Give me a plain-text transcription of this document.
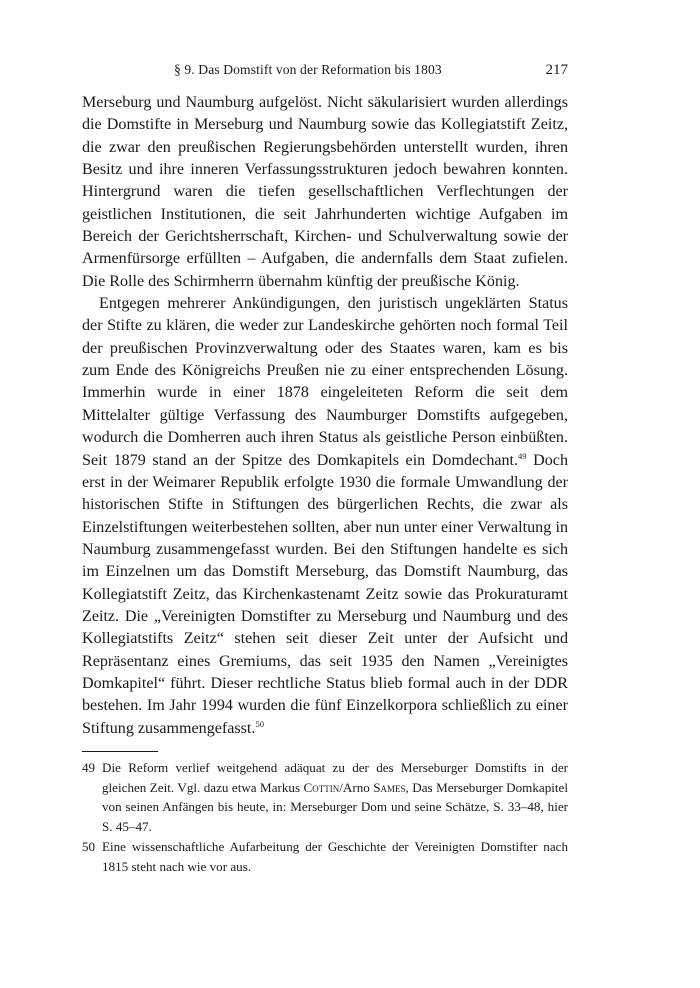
§ 9. Das Domstift von der Reformation bis 1803	217

Merseburg und Naumburg aufgelöst. Nicht säkularisiert wurden allerdings die Domstifte in Merseburg und Naumburg sowie das Kollegiatstift Zeitz, die zwar den preußischen Regierungsbehörden unterstellt wurden, ihren Besitz und ihre inneren Verfassungsstrukturen jedoch bewahren konnten. Hintergrund waren die tiefen gesellschaftlichen Verflechtungen der geistlichen Institutionen, die seit Jahrhunderten wichtige Aufgaben im Bereich der Gerichtsherrschaft, Kirchen- und Schulverwaltung sowie der Armenfürsorge erfüllten – Aufgaben, die andernfalls dem Staat zufielen. Die Rolle des Schirmherrn übernahm künftig der preußische König.

Entgegen mehrerer Ankündigungen, den juristisch ungeklärten Status der Stifte zu klären, die weder zur Landeskirche gehörten noch formal Teil der preußischen Provinzverwaltung oder des Staates waren, kam es bis zum Ende des Königreichs Preußen nie zu einer entsprechenden Lösung. Immerhin wurde in einer 1878 eingeleiteten Reform die seit dem Mittelalter gültige Verfassung des Naumburger Domstifts aufgegeben, wodurch die Domherren auch ihren Status als geistliche Person einbüßten. Seit 1879 stand an der Spitze des Domkapitels ein Domdechant.$^{49}$ Doch erst in der Weimarer Republik erfolgte 1930 die formale Umwandlung der historischen Stifte in Stiftungen des bürgerlichen Rechts, die zwar als Einzelstiftungen weiterbestehen sollten, aber nun unter einer Verwaltung in Naumburg zusammengefasst wurden. Bei den Stiftungen handelte es sich im Einzelnen um das Domstift Merseburg, das Domstift Naumburg, das Kollegiatstift Zeitz, das Kirchenkastenamt Zeitz sowie das Prokuraturamt Zeitz. Die „Vereinigten Domstifter zu Merseburg und Naumburg und des Kollegiatstifts Zeitz“ stehen seit dieser Zeit unter der Aufsicht und Repräsentanz eines Gremiums, das seit 1935 den Namen „Vereinigtes Domkapitel“ führt. Dieser rechtliche Status blieb formal auch in der DDR bestehen. Im Jahr 1994 wurden die fünf Einzelkorpora schließlich zu einer Stiftung zusammengefasst.$^{50}$

49 Die Reform verlief weitgehend adäquat zu der des Merseburger Domstifts in der gleichen Zeit. Vgl. dazu etwa Markus Cottin/Arno Sames, Das Merseburger Domkapitel von seinen Anfängen bis heute, in: Merseburger Dom und seine Schätze, S. 33–48, hier S. 45–47.
50 Eine wissenschaftliche Aufarbeitung der Geschichte der Vereinigten Domstifter nach 1815 steht nach wie vor aus.
